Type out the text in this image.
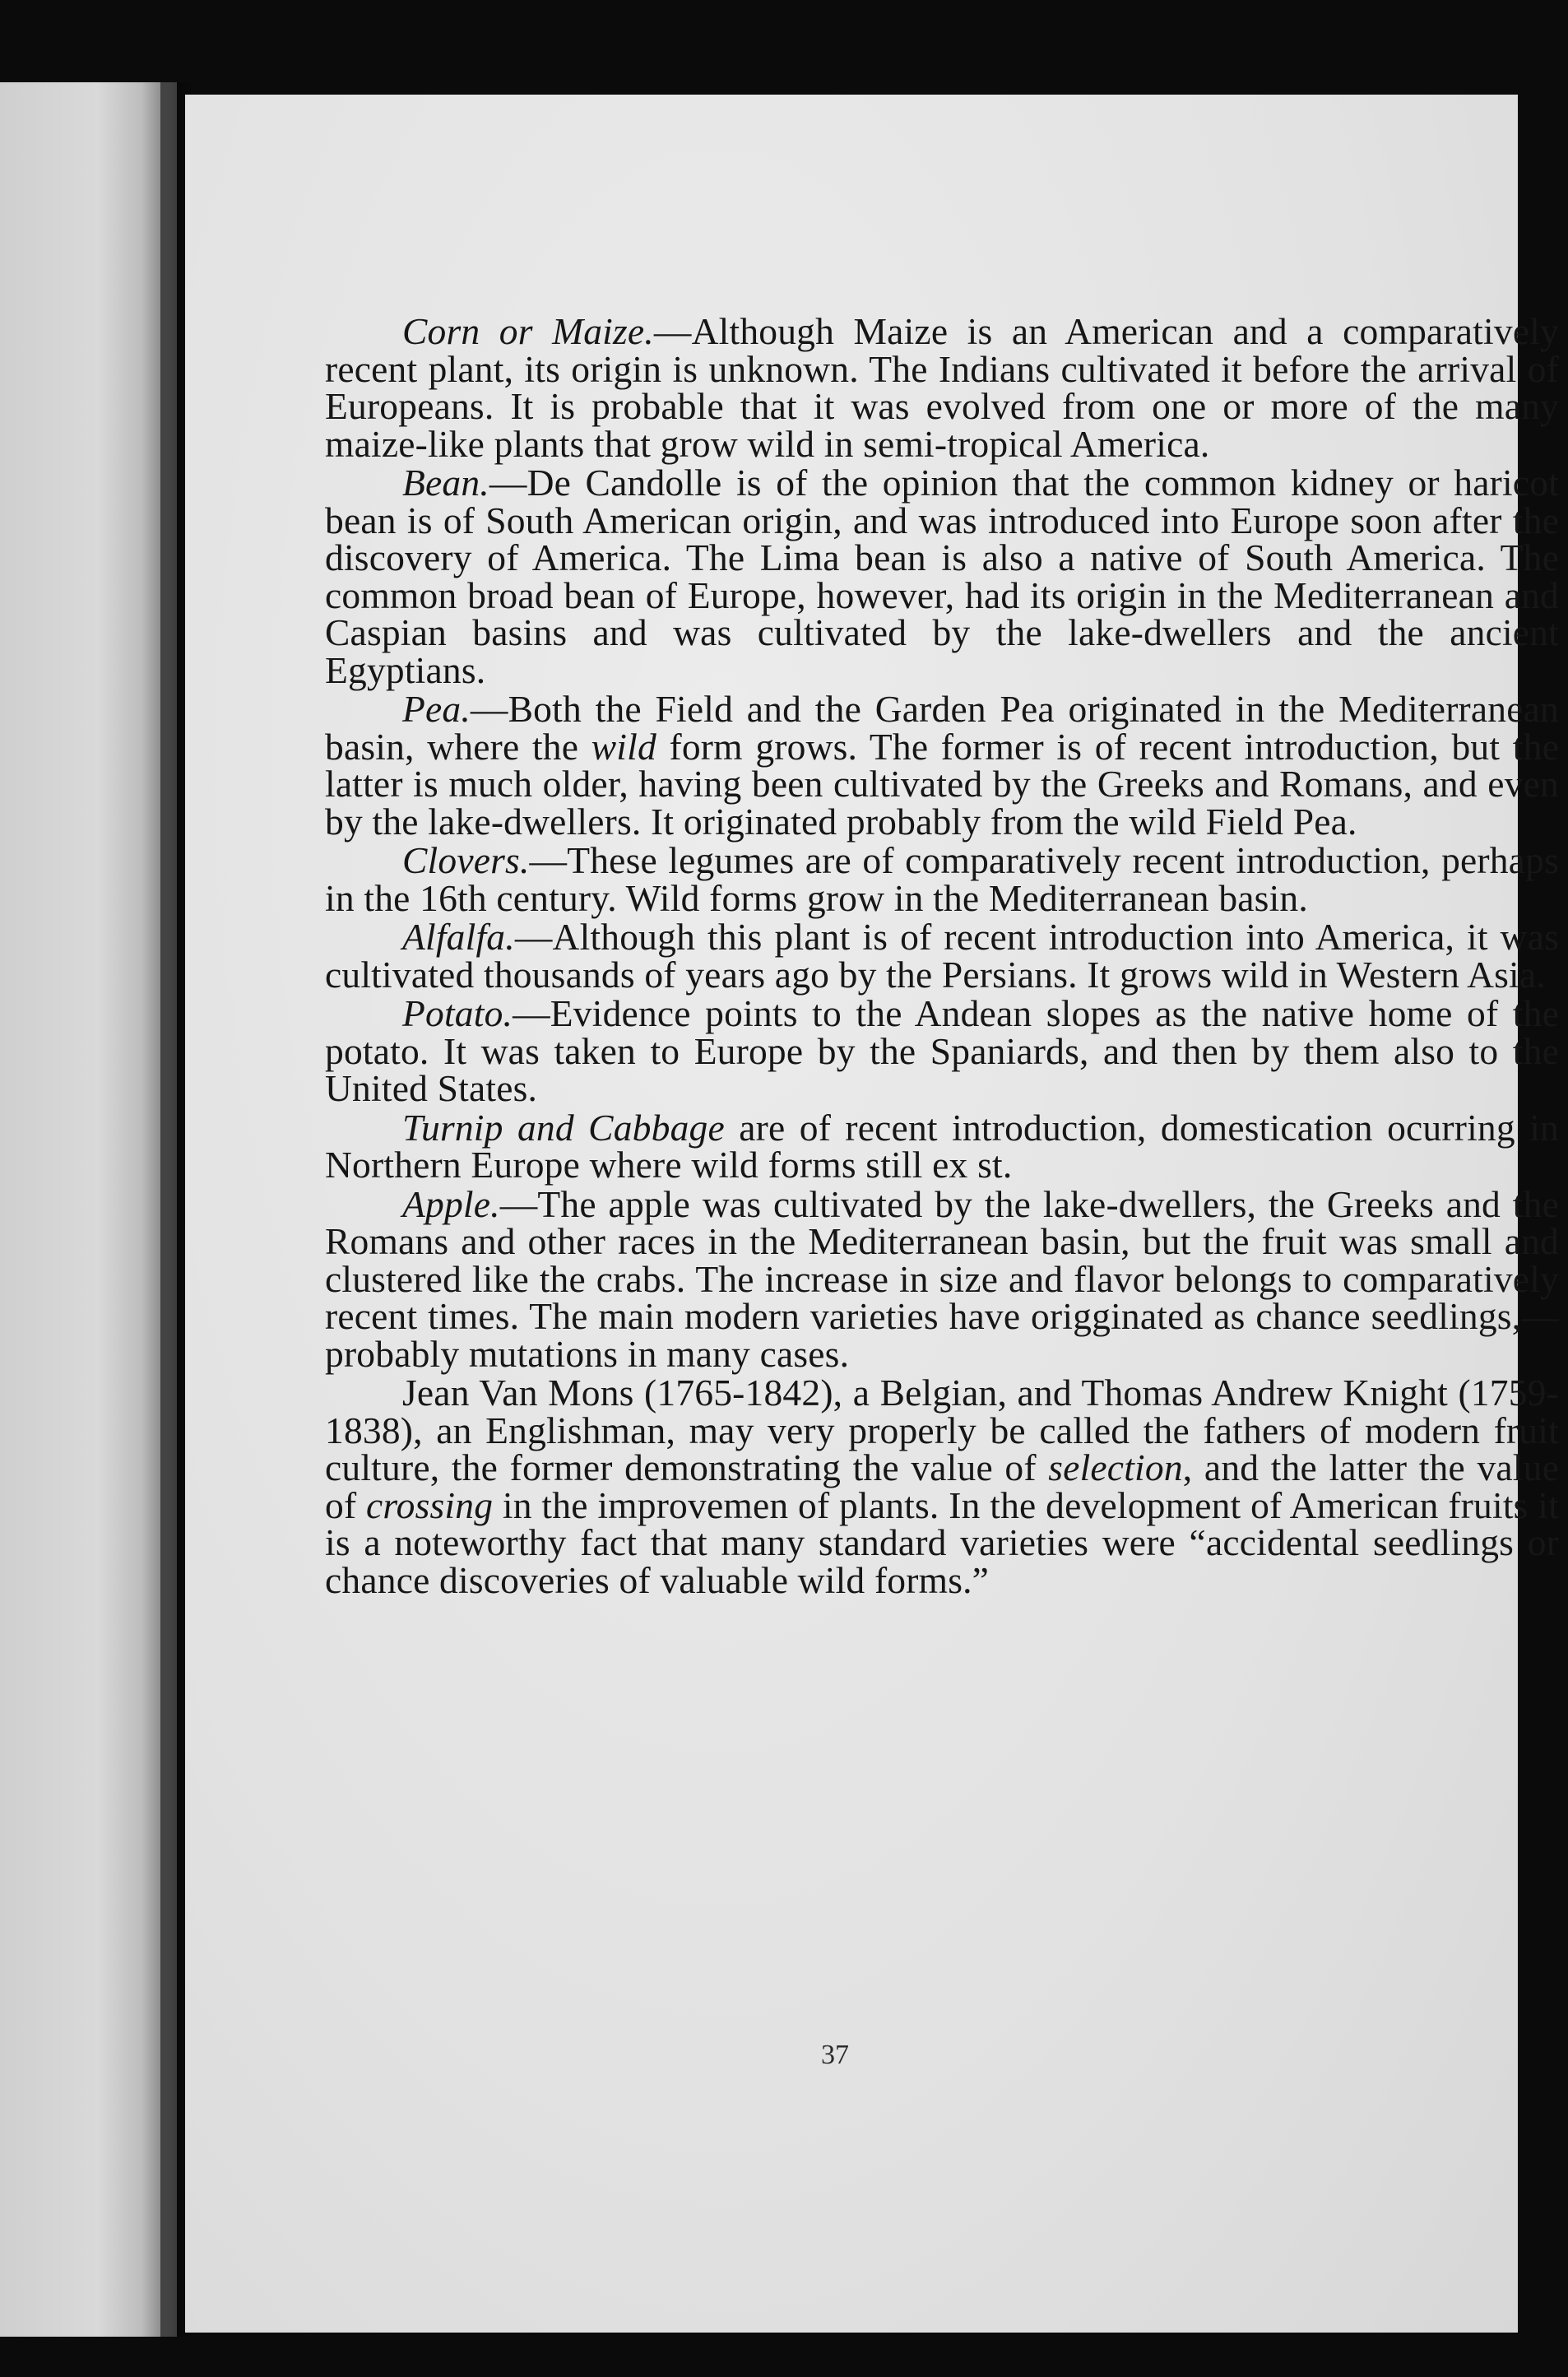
Corn or Maize.—Although Maize is an American and a comparatively recent plant, its origin is unknown. The Indians cultivated it before the arrival of Europeans. It is probable that it was evolved from one or more of the many maize-like plants that grow wild in semi-tropical America.

Bean.—De Candolle is of the opinion that the common kidney or haricot bean is of South American origin, and was introduced into Europe soon after the discovery of America. The Lima bean is also a native of South America. The common broad bean of Europe, however, had its origin in the Mediterranean and Caspian basins and was cultivated by the lake-dwellers and the ancient Egyptians.

Pea.—Both the Field and the Garden Pea originated in the Mediterranean basin, where the wild form grows. The former is of recent introduction, but the latter is much older, having been cultivated by the Greeks and Romans, and even by the lake-dwellers. It originated probably from the wild Field Pea.

Clovers.—These legumes are of comparatively recent introduction, perhaps in the 16th century. Wild forms grow in the Mediterranean basin.

Alfalfa.—Although this plant is of recent introduction into America, it was cultivated thousands of years ago by the Persians. It grows wild in Western Asia.

Potato.—Evidence points to the Andean slopes as the native home of the potato. It was taken to Europe by the Spaniards, and then by them also to the United States.

Turnip and Cabbage are of recent introduction, domestication ocurring in Northern Europe where wild forms still ex st.

Apple.—The apple was cultivated by the lake-dwellers, the Greeks and the Romans and other races in the Mediterranean basin, but the fruit was small and clustered like the crabs. The increase in size and flavor belongs to comparatively recent times. The main modern varieties have origginated as chance seedlings,—probably mutations in many cases.

Jean Van Mons (1765-1842), a Belgian, and Thomas Andrew Knight (1759-1838), an Englishman, may very properly be called the fathers of modern fruit culture, the former demonstrating the value of selection, and the latter the value of crossing in the improvemen of plants. In the development of American fruits it is a noteworthy fact that many standard varieties were “accidental seedlings or chance discoveries of valuable wild forms.”

37
